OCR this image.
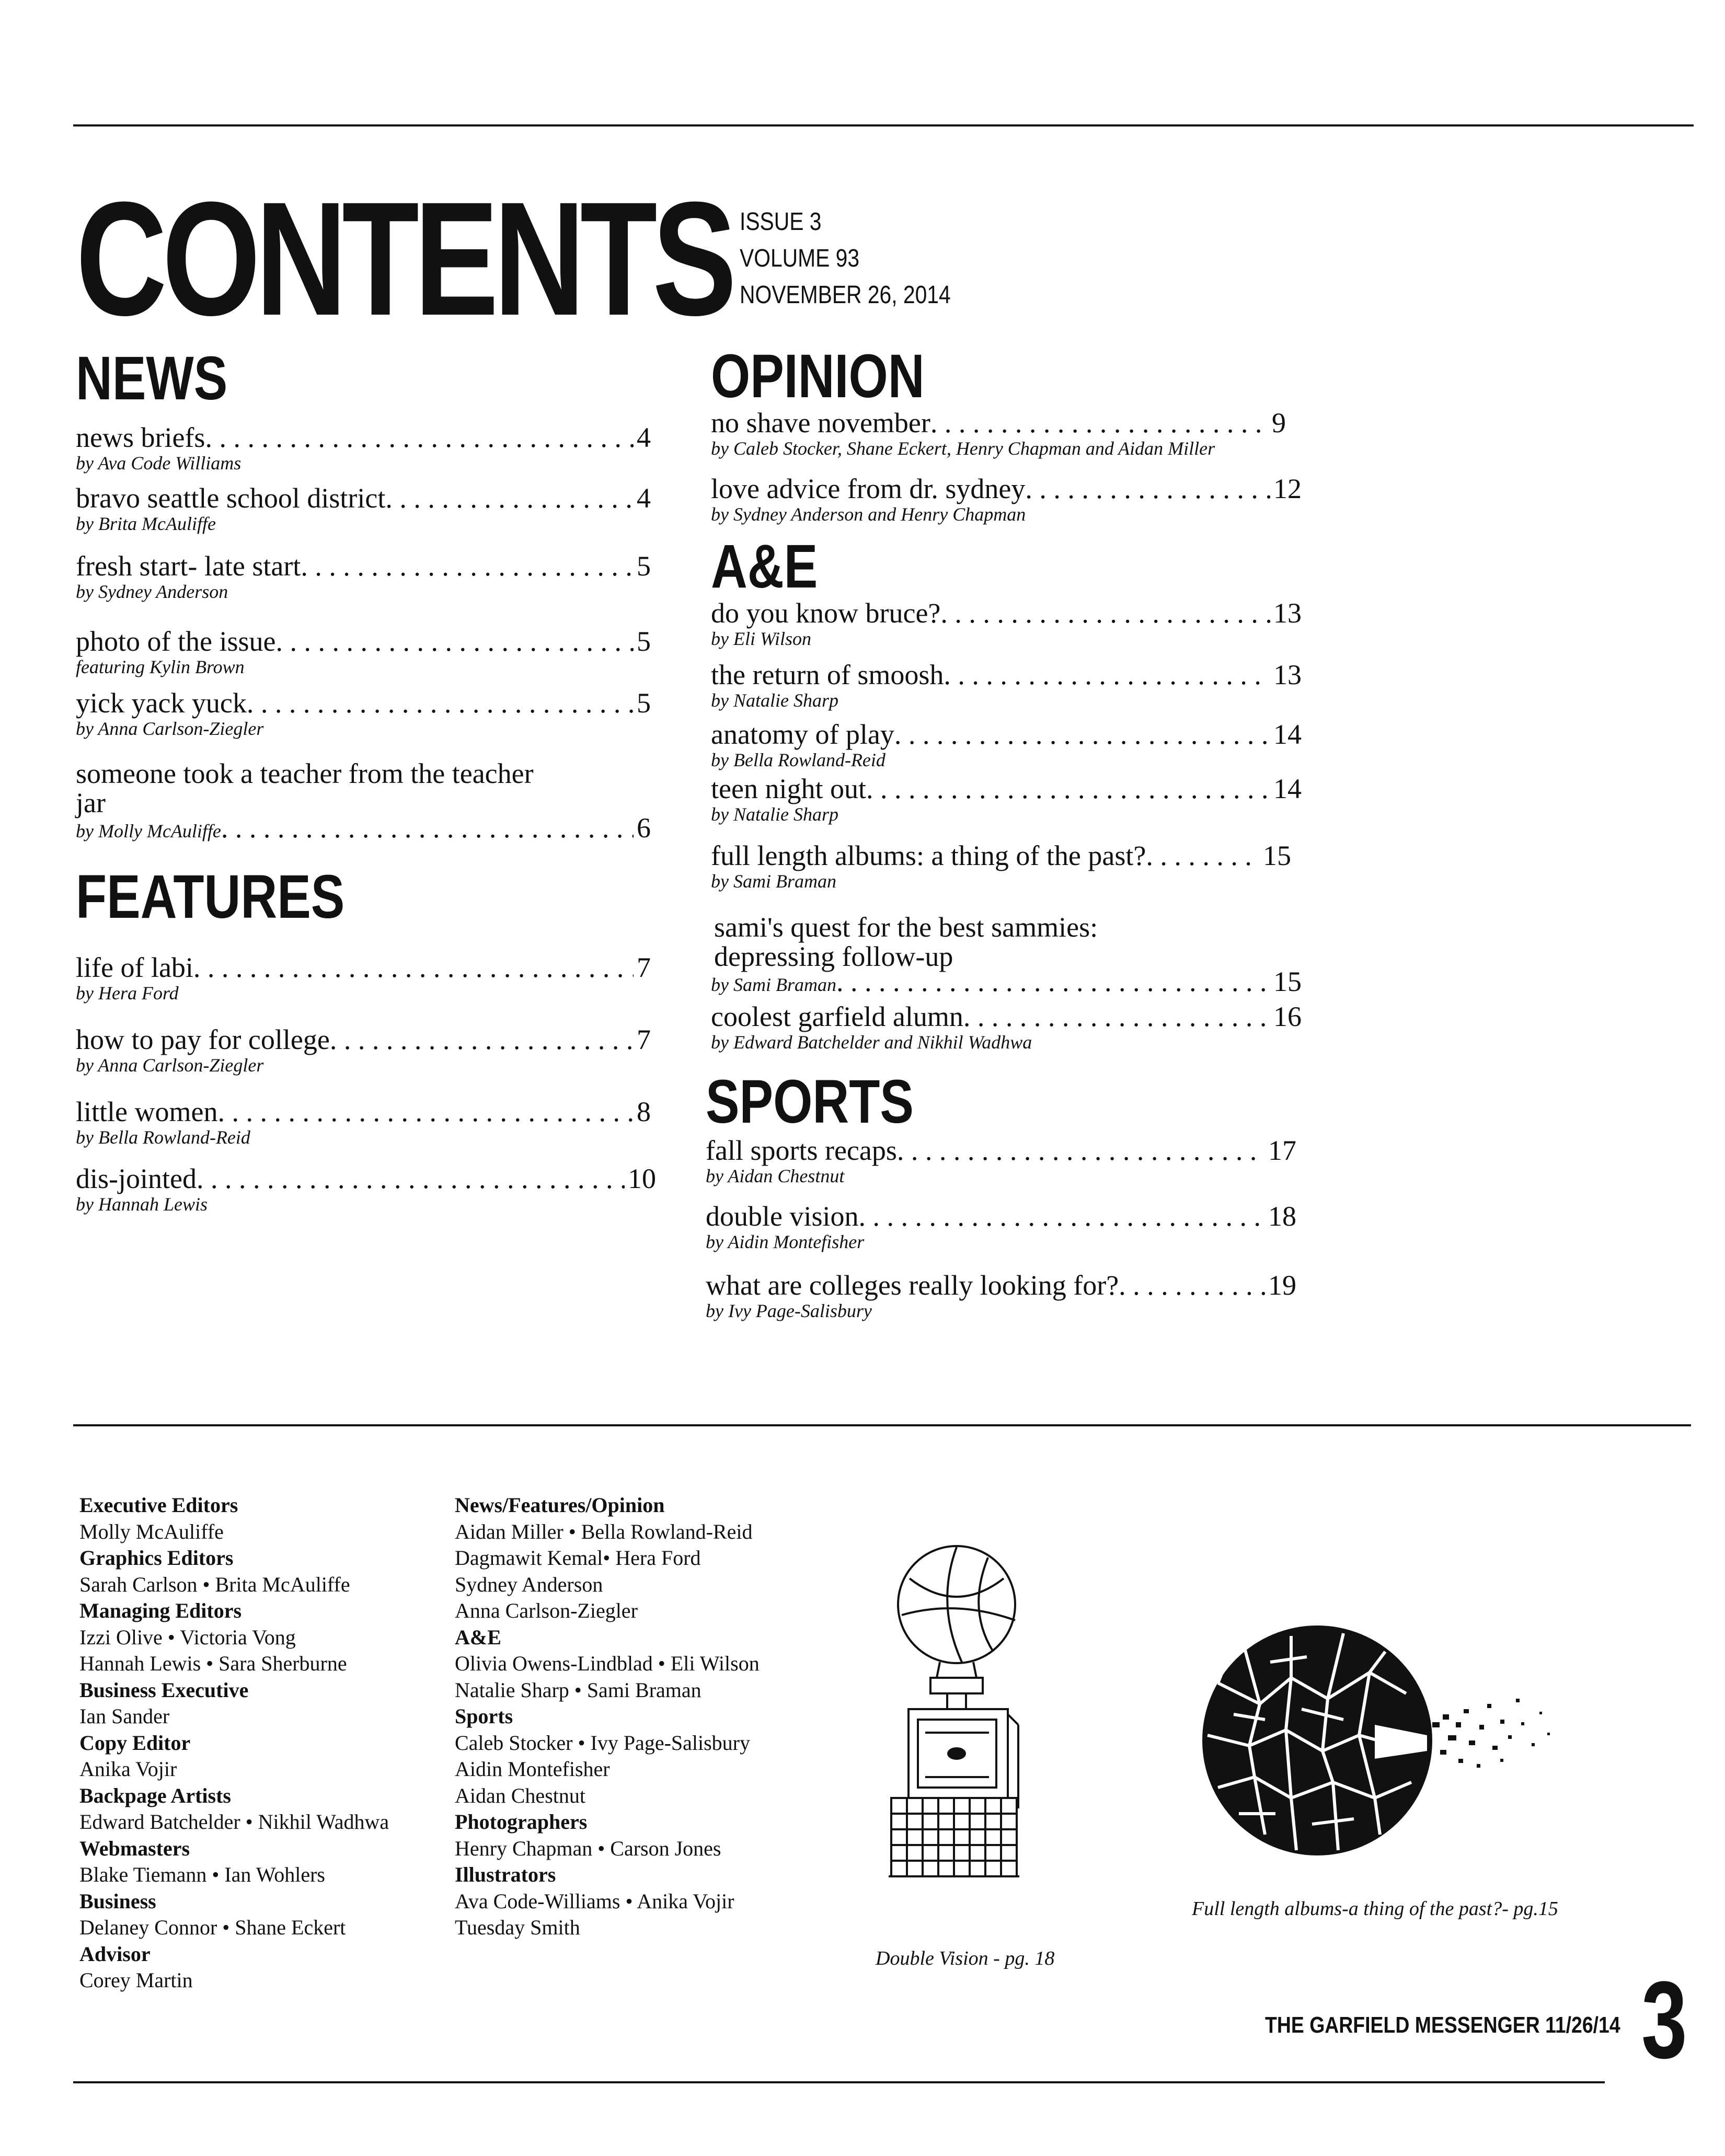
CONTENTS ISSUE 3
VOLUME 93
NOVEMBER 26, 2014
NEWS
news briefs . . .	4
by Ava Code Williams
bravo seattle school district . . .	4
by Brita McAuliffe
fresh start- late start . . .	5
by Sydney Anderson
photo of the issue . . .	5
featuring Kylin Brown
yick yack yuck . . .	5
by Anna Carlson-Ziegler
someone took a teacher from the teacher jar
by Molly McAuliffe . . .	6
FEATURES
life of labi . . .	7
by Hera Ford
how to pay for college . . .	7
by Anna Carlson-Ziegler
little women . . .	8
by Bella Rowland-Reid
dis-jointed . . .	10
by Hannah Lewis
OPINION
no shave november . . .	9
by Caleb Stocker, Shane Eckert, Henry Chapman and Aidan Miller
love advice from dr. sydney . . .	12
by Sydney Anderson and Henry Chapman
A&E
do you know bruce? . . .	13
by Eli Wilson
the return of smoosh . . .	13
by Natalie Sharp
anatomy of play . . .	14
by Bella Rowland-Reid
teen night out . . .	14
by Natalie Sharp
full length albums: a thing of the past? . . .	15
by Sami Braman
sami's quest for the best sammies: depressing follow-up
by Sami Braman . . .	15
coolest garfield alumn . . .	16
by Edward Batchelder and Nikhil Wadhwa
SPORTS
fall sports recaps . . .	17
by Aidan Chestnut
double vision . . .	18
by Aidin Montefisher
what are colleges really looking for? . . .	19
by Ivy Page-Salisbury
Executive Editors
Molly McAuliffe
Graphics Editors
Sarah Carlson • Brita McAuliffe
Managing Editors
Izzi Olive • Victoria Vong
Hannah Lewis • Sara Sherburne
Business Executive
Ian Sander
Copy Editor
Anika Vojir
Backpage Artists
Edward Batchelder • Nikhil Wadhwa
Webmasters
Blake Tiemann • Ian Wohlers
Business
Delaney Connor • Shane Eckert
Advisor
Corey Martin
News/Features/Opinion
Aidan Miller • Bella Rowland-Reid
Dagmawit Kemal• Hera Ford
Sydney Anderson
Anna Carlson-Ziegler
A&E
Olivia Owens-Lindblad • Eli Wilson
Natalie Sharp • Sami Braman
Sports
Caleb Stocker • Ivy Page-Salisbury
Aidin Montefisher
Aidan Chestnut
Photographers
Henry Chapman • Carson Jones
Illustrators
Ava Code-Williams • Anika Vojir
Tuesday Smith
Double Vision - pg. 18
Full length albums-a thing of the past?- pg.15
THE GARFIELD MESSENGER 11/26/14 3
